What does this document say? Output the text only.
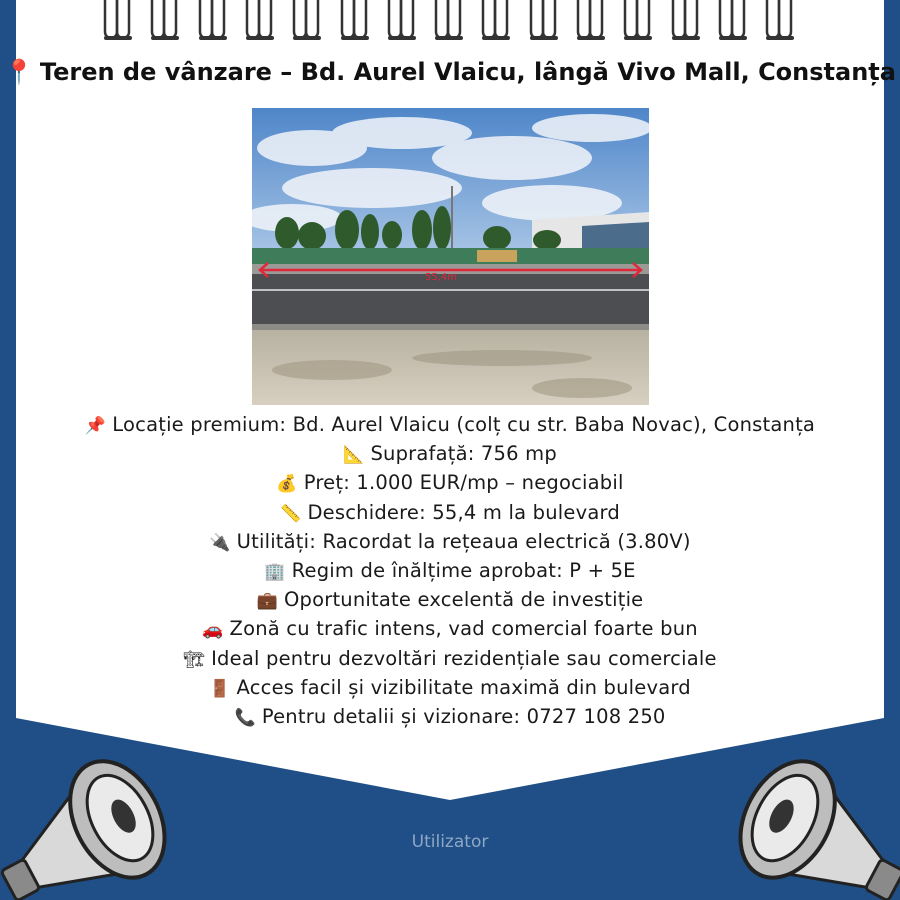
📍 Teren de vânzare – Bd. Aurel Vlaicu, lângă Vivo Mall, Constanța
55,4m
📌 Locație premium: Bd. Aurel Vlaicu (colț cu str. Baba Novac), Constanța
📐 Suprafață: 756 mp
💰 Preț: 1.000 EUR/mp – negociabil
📏 Deschidere: 55,4 m la bulevard
🔌 Utilități: Racordat la rețeaua electrică (3.80V)
🏢 Regim de înălțime aprobat: P + 5E
💼 Oportunitate excelentă de investiție
🚗 Zonă cu trafic intens, vad comercial foarte bun
🏗 Ideal pentru dezvoltări rezidențiale sau comerciale
🚪 Acces facil și vizibilitate maximă din bulevard
📞 Pentru detalii și vizionare: 0727 108 250
Utilizator
